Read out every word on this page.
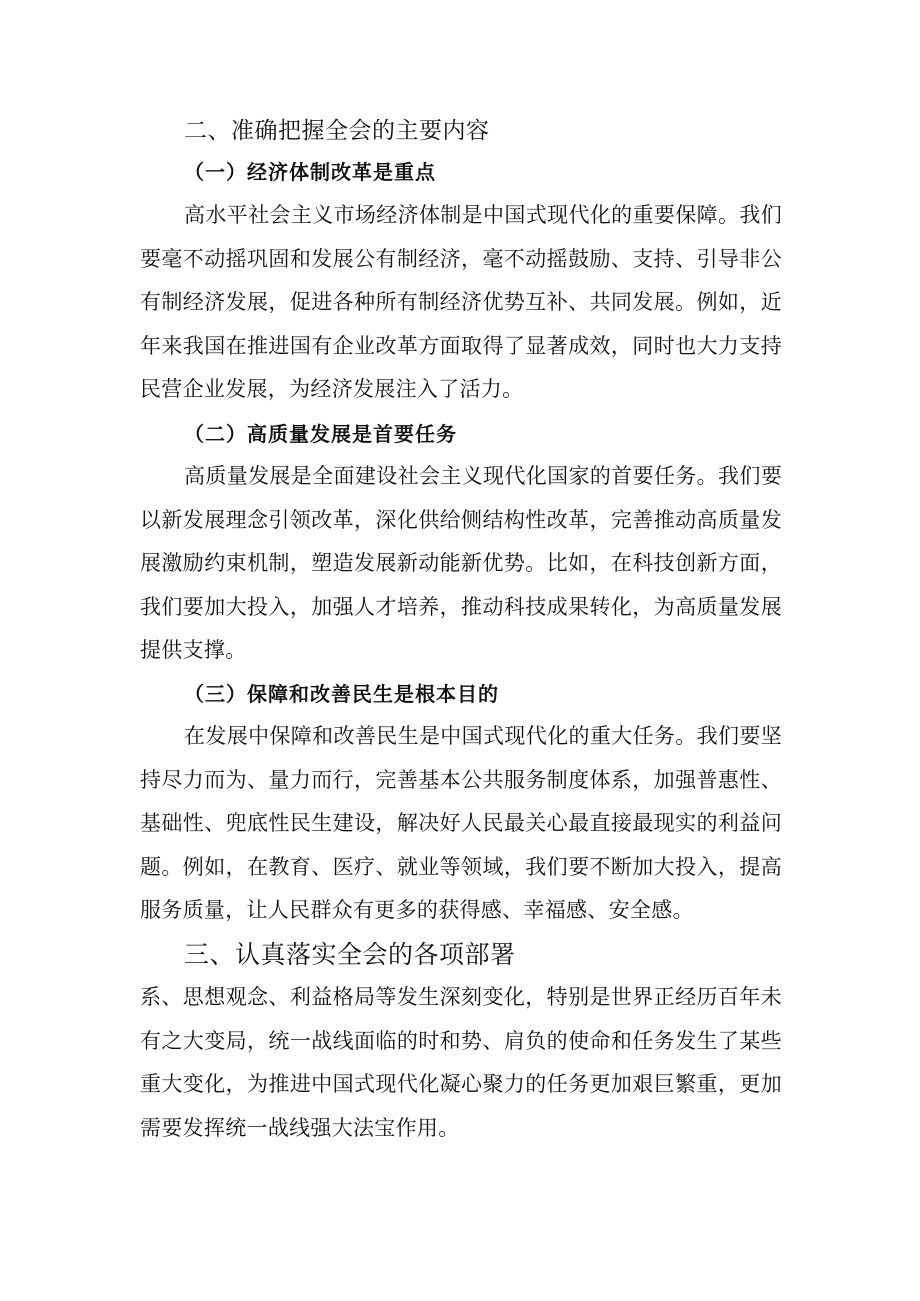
二、准确把握全会的主要内容
（一）经济体制改革是重点

高水平社会主义市场经济体制是中国式现代化的重要保障。我们要毫不动摇巩固和发展公有制经济，毫不动摇鼓励、支持、引导非公有制经济发展，促进各种所有制经济优势互补、共同发展。例如，近年来我国在推进国有企业改革方面取得了显著成效，同时也大力支持民营企业发展，为经济发展注入了活力。

（二）高质量发展是首要任务

高质量发展是全面建设社会主义现代化国家的首要任务。我们要以新发展理念引领改革，深化供给侧结构性改革，完善推动高质量发展激励约束机制，塑造发展新动能新优势。比如，在科技创新方面，我们要加大投入，加强人才培养，推动科技成果转化，为高质量发展提供支撑。

（三）保障和改善民生是根本目的

在发展中保障和改善民生是中国式现代化的重大任务。我们要坚持尽力而为、量力而行，完善基本公共服务制度体系，加强普惠性、基础性、兜底性民生建设，解决好人民最关心最直接最现实的利益问题。例如，在教育、医疗、就业等领域，我们要不断加大投入，提高服务质量，让人民群众有更多的获得感、幸福感、安全感。

三、认真落实全会的各项部署

系、思想观念、利益格局等发生深刻变化，特别是世界正经历百年未有之大变局，统一战线面临的时和势、肩负的使命和任务发生了某些重大变化，为推进中国式现代化凝心聚力的任务更加艰巨繁重，更加需要发挥统一战线强大法宝作用。
